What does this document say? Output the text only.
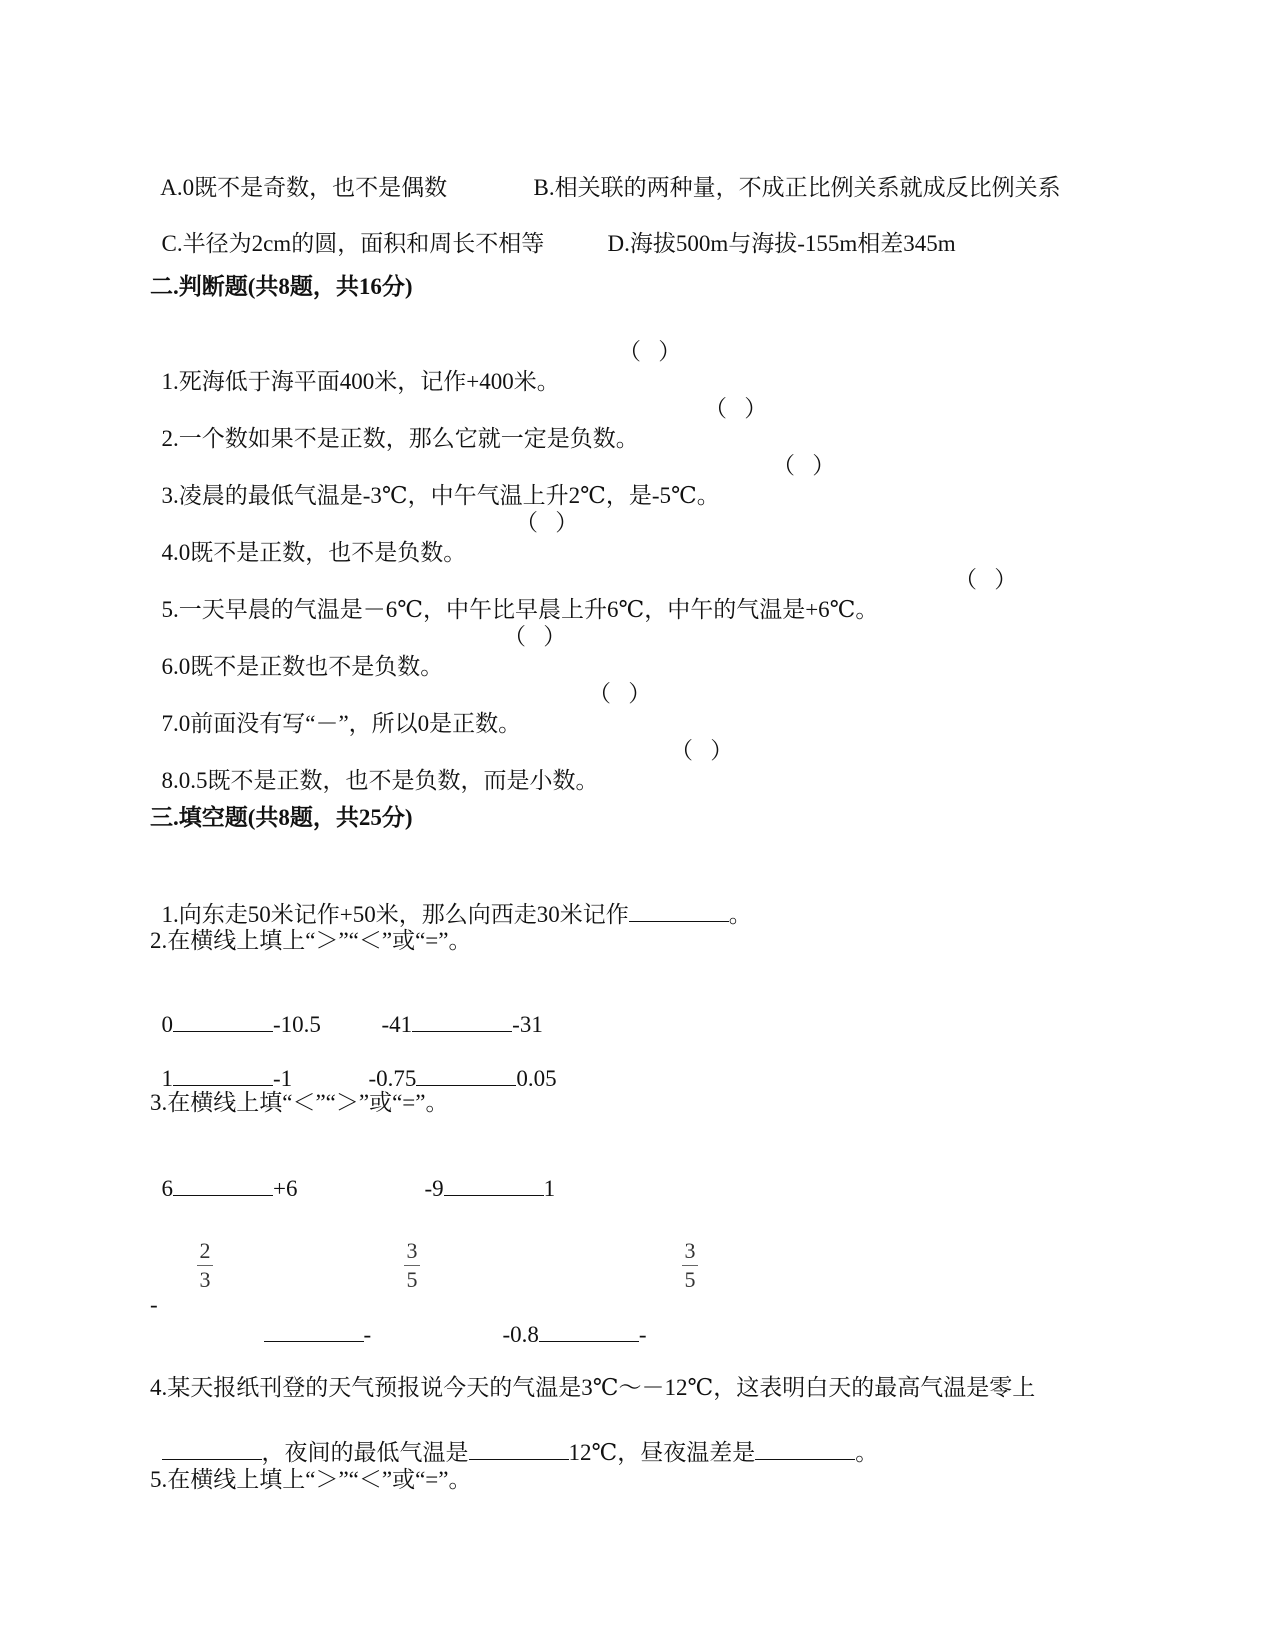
A.0既不是奇数，也不是偶数	B.相关联的两种量，不成正比例关系就成反比例关系

C.半径为2cm的圆，面积和周长不相等	D.海拔500m与海拔-155m相差345m

二.判断题(共8题，共16分)

1.死海低于海平面400米，记作+400米。

（   ）

2.一个数如果不是正数，那么它就一定是负数。

（   ）

3.凌晨的最低气温是-3℃，中午气温上升2℃，是-5℃。

（   ）

4.0既不是正数，也不是负数。

（   ）

5.一天早晨的气温是－6℃，中午比早晨上升6℃，中午的气温是+6℃。

（   ）

6.0既不是正数也不是负数。

（   ）

7.0前面没有写“－”，所以0是正数。

（   ）

8.0.5既不是正数，也不是负数，而是小数。

（   ）
三.填空题(共8题，共25分)

1.向东走50米记作+50米，那么向西走30米记作	。

2.在横线上填上“＞”“＜”或“=”。

0	-10.5	-41	-31

1	-1	-0.75	0.05

3.在横线上填“＜”“＞”或“=”。

6	+6	-9	1

-
2
3

-

3
5

-0.8	-

3
5
4.某天报纸刊登的天气预报说今天的气温是3℃～－12℃，这表明白天的最高气温是零上

，夜间的最低气温是	12℃，昼夜温差是	。

5.在横线上填上“＞”“＜”或“=”。
